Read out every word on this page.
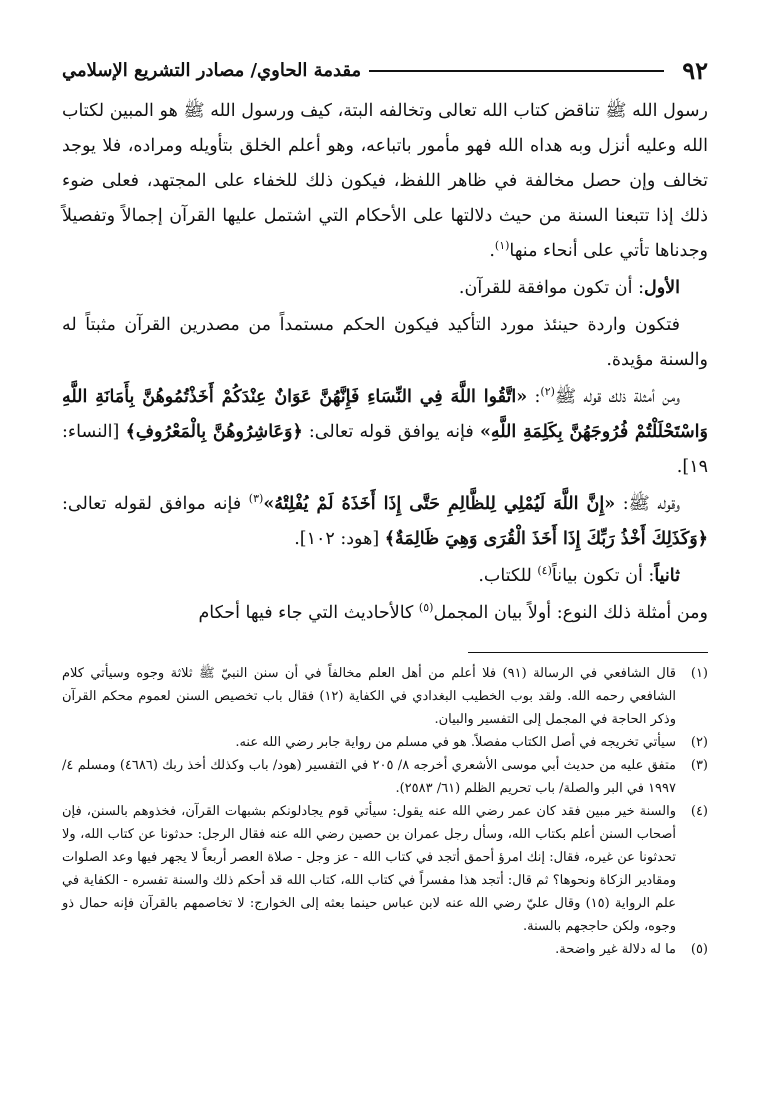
٩٢
مقدمة الحاوي/ مصادر التشريع الإسلامي

رسول الله ﷺ تناقض كتاب الله تعالى وتخالفه البتة، كيف ورسول الله ﷺ هو المبين لكتاب الله وعليه أنزل وبه هداه الله فهو مأمور باتباعه، وهو أعلم الخلق بتأويله ومراده، فلا يوجد تخالف وإن حصل مخالفة في ظاهر اللفظ، فيكون ذلك للخفاء على المجتهد، فعلى ضوء ذلك إذا تتبعنا السنة من حيث دلالتها على الأحكام التي اشتمل عليها القرآن إجمالاً وتفصيلاً وجدناها تأتي على أنحاء منها$^{(١)}$.

الأول: أن تكون موافقة للقرآن.

فتكون واردة حينئذ مورد التأكيد فيكون الحكم مستمداً من مصدرين القرآن مثبتاً له والسنة مؤيدة.

ومن أمثلة ذلك قوله ﷺ$^{(٢)}$: «اتَّقُوا اللَّهَ فِي النِّسَاءِ فَإِنَّهُنَّ عَوَانٌ عِنْدَكُمْ أَخَذْتُمُوهُنَّ بِأَمَانَةِ اللَّهِ وَاسْتَحْلَلْتُمْ فُرُوجَهُنَّ بِكَلِمَةِ اللَّهِ» فإنه يوافق قوله تعالى: ﴿وَعَاشِرُوهُنَّ بِالْمَعْرُوفِ﴾ [النساء: ١٩].

وقوله ﷺ: «إِنَّ اللَّهَ لَيُمْلِي لِلظَّالِمِ حَتَّى إِذَا أَخَذَهُ لَمْ يُفْلِتْهُ»$^{(٣)}$ فإنه موافق لقوله تعالى: ﴿وَكَذَلِكَ أَخْذُ رَبِّكَ إِذَا أَخَذَ الْقُرَى وَهِيَ ظَالِمَةٌ﴾ [هود: ١٠٢].

ثانياً: أن تكون بياناً$^{(٤)}$ للكتاب.

ومن أمثلة ذلك النوع: أولاً بيان المجمل$^{(٥)}$ كالأحاديث التي جاء فيها أحكام

(١)
قال الشافعي في الرسالة (٩١) فلا أعلم من أهل العلم مخالفاً في أن سنن النبيّ ﷺ ثلاثة وجوه وسيأتي كلام الشافعي رحمه الله. ولقد بوب الخطيب البغدادي في الكفاية (١٢) فقال باب تخصيص السنن لعموم محكم القرآن وذكر الحاجة في المجمل إلى التفسير والبيان.

(٢)
سيأتي تخريجه في أصل الكتاب مفصلاً. هو في مسلم من رواية جابر رضي الله عنه.

(٣)
متفق عليه من حديث أبي موسى الأشعري أخرجه ٨/ ٢٠٥ في التفسير (هود/ باب وكذلك أخذ ربك (٤٦٨٦) ومسلم ٤/ ١٩٩٧ في البر والصلة/ باب تحريم الظلم (٦١/ ٢٥٨٣).

(٤)
والسنة خير مبين فقد كان عمر رضي الله عنه يقول: سيأتي قوم يجادلونكم بشبهات القرآن، فخذوهم بالسنن، فإن أصحاب السنن أعلم بكتاب الله، وسأل رجل عمران بن حصين رضي الله عنه فقال الرجل: حدثونا عن كتاب الله، ولا تحدثونا عن غيره، فقال: إنك امرؤ أحمق أتجد في كتاب الله - عز وجل - صلاة العصر أربعاً لا يجهر فيها وعد الصلوات ومقادير الزكاة ونحوها؟ ثم قال: أتجد هذا مفسراً في كتاب الله، كتاب الله قد أحكم ذلك والسنة تفسره - الكفاية في علم الرواية (١٥) وقال عليّ رضي الله عنه لابن عباس حينما بعثه إلى الخوارج: لا تخاصمهم بالقرآن فإنه حمال ذو وجوه، ولكن حاججهم بالسنة.

(٥)
ما له دلالة غير واضحة.
